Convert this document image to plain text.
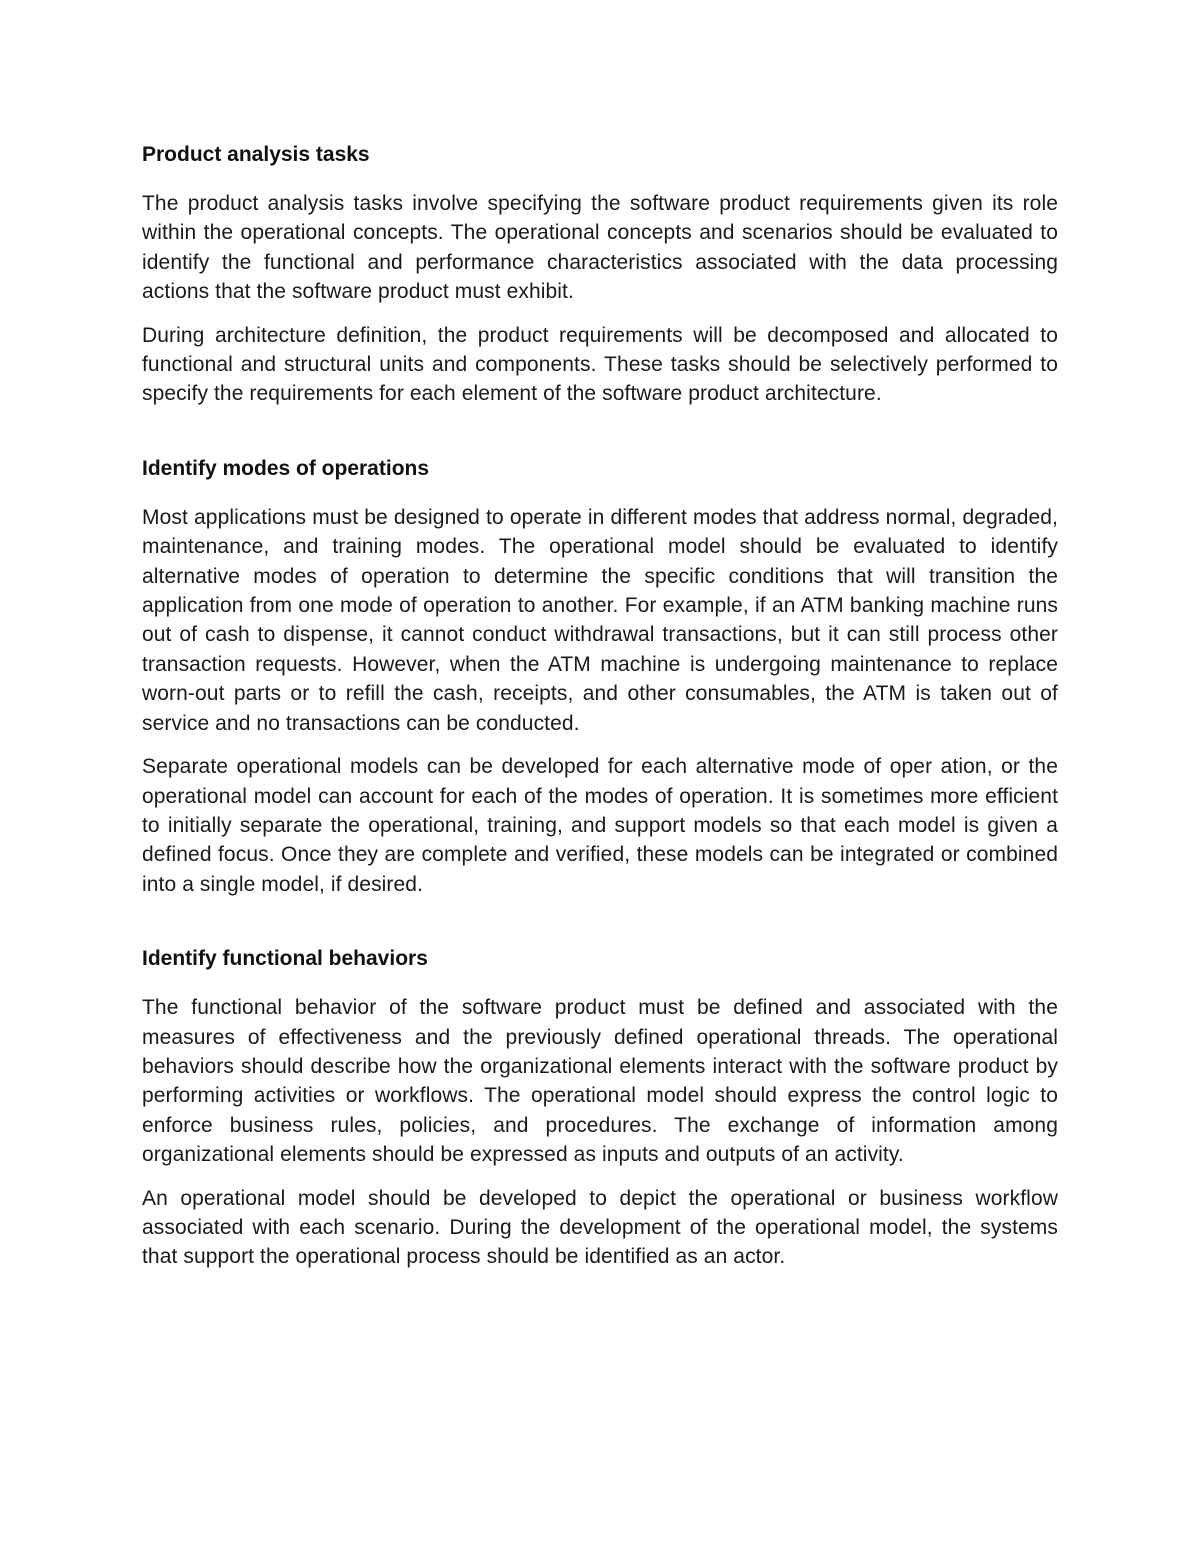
Product analysis tasks

The product analysis tasks involve specifying the software product requirements given its role within the operational concepts. The operational concepts and scenarios should be evaluated to identify the functional and performance characteristics associated with the data processing actions that the software product must exhibit.

During architecture definition, the product requirements will be decomposed and allocated to functional and structural units and components. These tasks should be selectively performed to specify the requirements for each element of the software product architecture.

Identify modes of operations

Most applications must be designed to operate in different modes that address normal, degraded, maintenance, and training modes. The operational model should be evaluated to identify alternative modes of operation to determine the specific conditions that will transition the application from one mode of operation to another. For example, if an ATM banking machine runs out of cash to dispense, it cannot conduct withdrawal transactions, but it can still process other transaction requests. However, when the ATM machine is undergoing maintenance to replace worn-out parts or to refill the cash, receipts, and other consumables, the ATM is taken out of service and no transactions can be conducted.

Separate operational models can be developed for each alternative mode of oper ation, or the operational model can account for each of the modes of operation. It is sometimes more efficient to initially separate the operational, training, and support models so that each model is given a defined focus. Once they are complete and verified, these models can be integrated or combined into a single model, if desired.

Identify functional behaviors

The functional behavior of the software product must be defined and associated with the measures of effectiveness and the previously defined operational threads. The operational behaviors should describe how the organizational elements interact with the software product by performing activities or workflows. The operational model should express the control logic to enforce business rules, policies, and procedures. The exchange of information among organizational elements should be expressed as inputs and outputs of an activity.

An operational model should be developed to depict the operational or business workflow associated with each scenario. During the development of the operational model, the systems that support the operational process should be identified as an actor.
